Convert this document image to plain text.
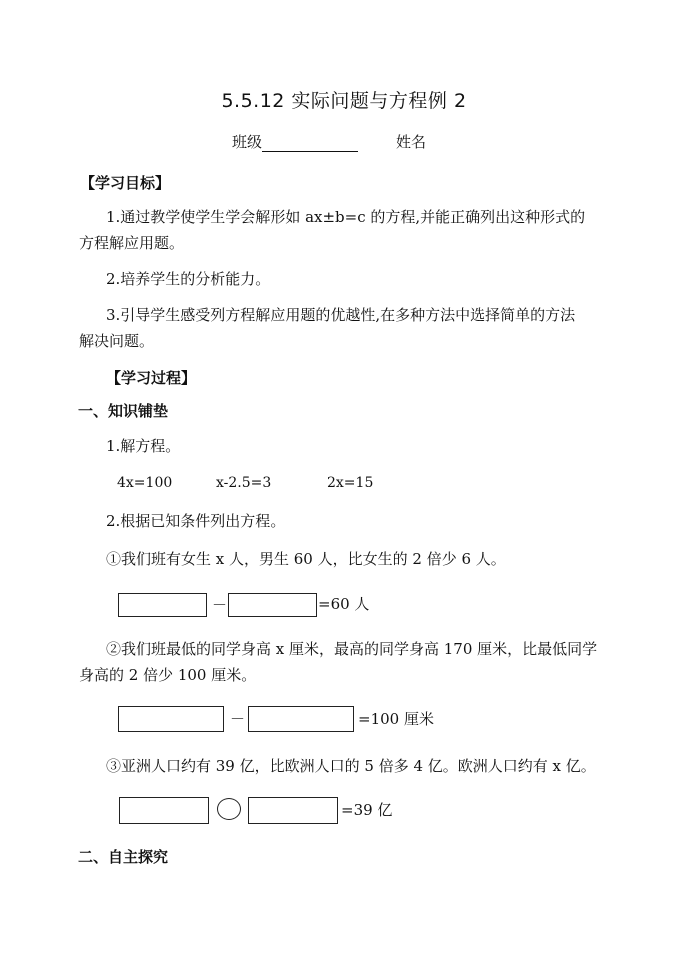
5.5.12 实际问题与方程例 2
班级	姓名
【学习目标】
1.通过教学使学生学会解形如 ax±b=c 的方程,并能正确列出这种形式的
方程解应用题。
2.培养学生的分析能力。
3.引导学生感受列方程解应用题的优越性,在多种方法中选择简单的方法
解决问题。
【学习过程】
一、知识铺垫
1.解方程。
4x=100	x-2.5=3	2x=15
2.根据已知条件列出方程。
①我们班有女生 x 人，男生 60 人，比女生的 2 倍少 6 人。
－	=60 人
②我们班最低的同学身高 x 厘米，最高的同学身高 170 厘米，比最低同学
身高的 2 倍少 100 厘米。
－	=100 厘米
③亚洲人口约有 39 亿，比欧洲人口的 5 倍多 4 亿。欧洲人口约有 x 亿。
=39 亿
二、自主探究
